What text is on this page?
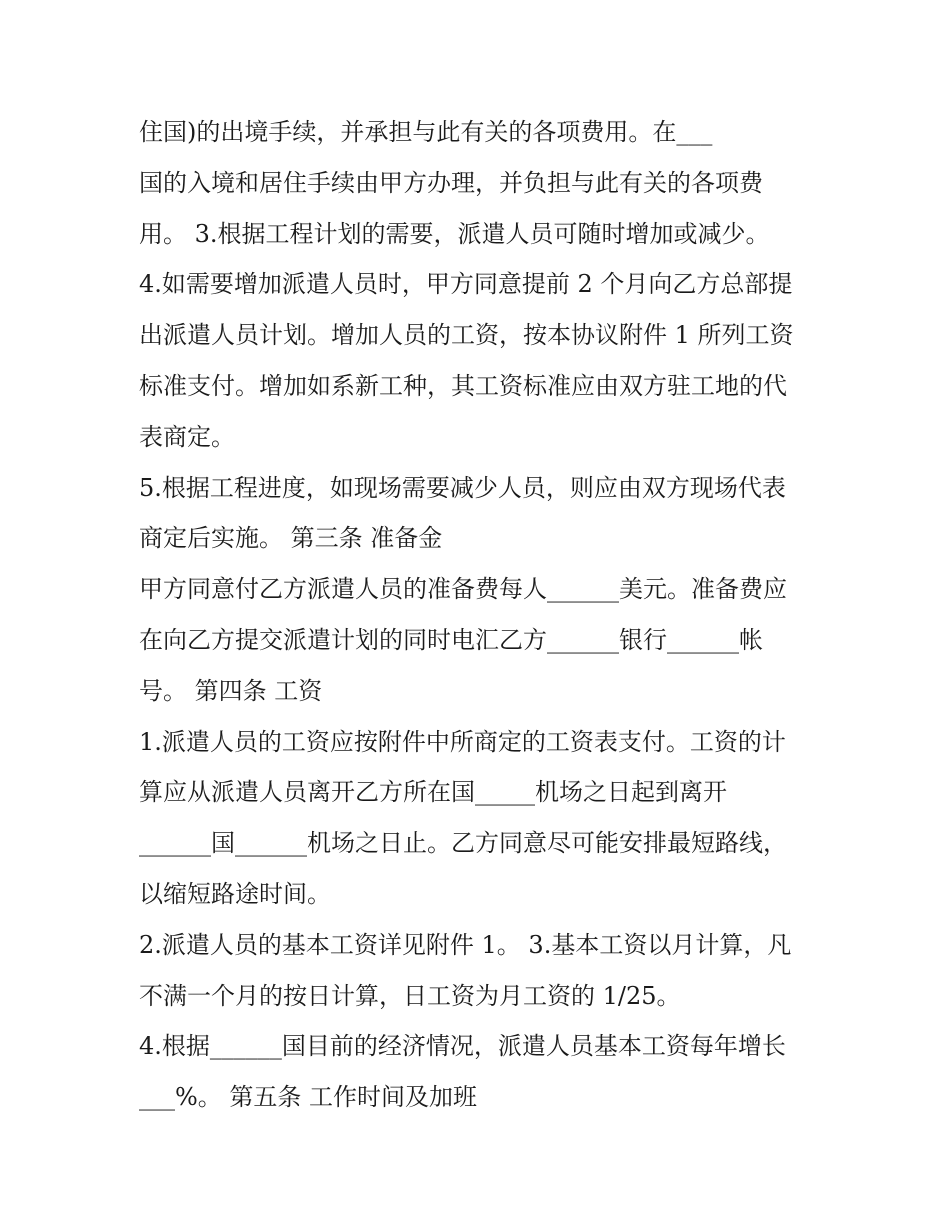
住国)的出境手续，并承担与此有关的各项费用。在___
国的入境和居住手续由甲方办理，并负担与此有关的各项费
用。 3.根据工程计划的需要，派遣人员可随时增加或减少。
4.如需要增加派遣人员时，甲方同意提前 2 个月向乙方总部提
出派遣人员计划。增加人员的工资，按本协议附件 1 所列工资
标准支付。增加如系新工种，其工资标准应由双方驻工地的代
表商定。
5.根据工程进度，如现场需要减少人员，则应由双方现场代表
商定后实施。 第三条 准备金
甲方同意付乙方派遣人员的准备费每人______美元。准备费应
在向乙方提交派遣计划的同时电汇乙方______银行______帐
号。 第四条 工资
1.派遣人员的工资应按附件中所商定的工资表支付。工资的计
算应从派遣人员离开乙方所在国_____机场之日起到离开
______国______机场之日止。乙方同意尽可能安排最短路线，
以缩短路途时间。
2.派遣人员的基本工资详见附件 1。 3.基本工资以月计算，凡
不满一个月的按日计算，日工资为月工资的 1/25。
4.根据______国目前的经济情况，派遣人员基本工资每年增长
___%。 第五条 工作时间及加班
